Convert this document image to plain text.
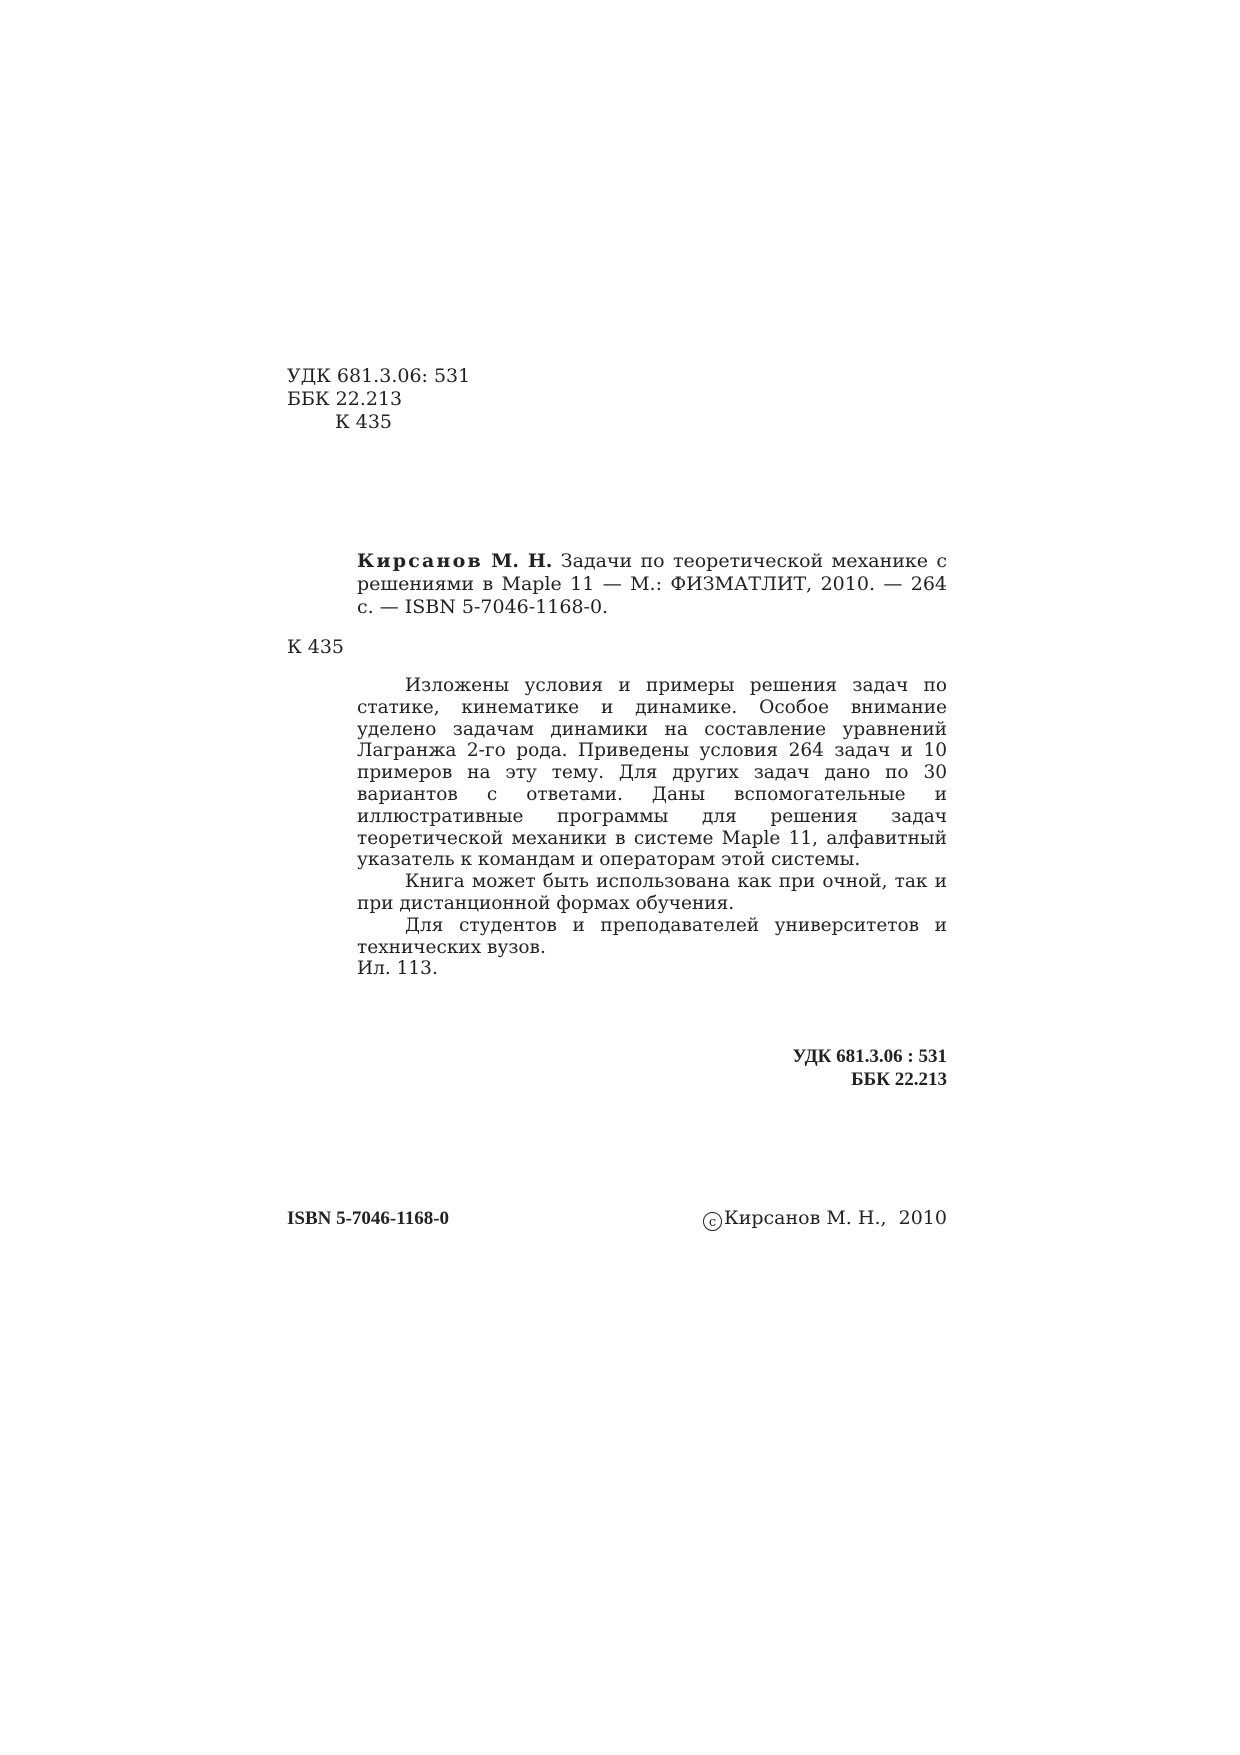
УДК 681.3.06: 531
ББК 22.213
К 435

Кирсанов М. Н. Задачи по теоретической механике с решениями в Maple 11 — М.: ФИЗМАТЛИТ, 2010. — 264 с. — ISBN 5-7046-1168-0.

К 435

Изложены условия и примеры решения задач по статике, кинематике и динамике. Особое внимание уделено задачам динамики на составление уравнений Лагранжа 2-го рода. Приведены условия 264 задач и 10 примеров на эту тему. Для других задач дано по 30 вариантов с ответами. Даны вспомогательные и иллюстративные программы для решения задач теоретической механики в системе Maple 11, алфавитный указатель к командам и операторам этой системы.

Книга может быть использована как при очной, так и при дистанционной формах обучения.

Для студентов и преподавателей университетов и технических вузов.

Ил. 113.

УДК 681.3.06 : 531
ББК 22.213
ISBN 5-7046-1168-0	c Кирсанов М. Н., 2010
